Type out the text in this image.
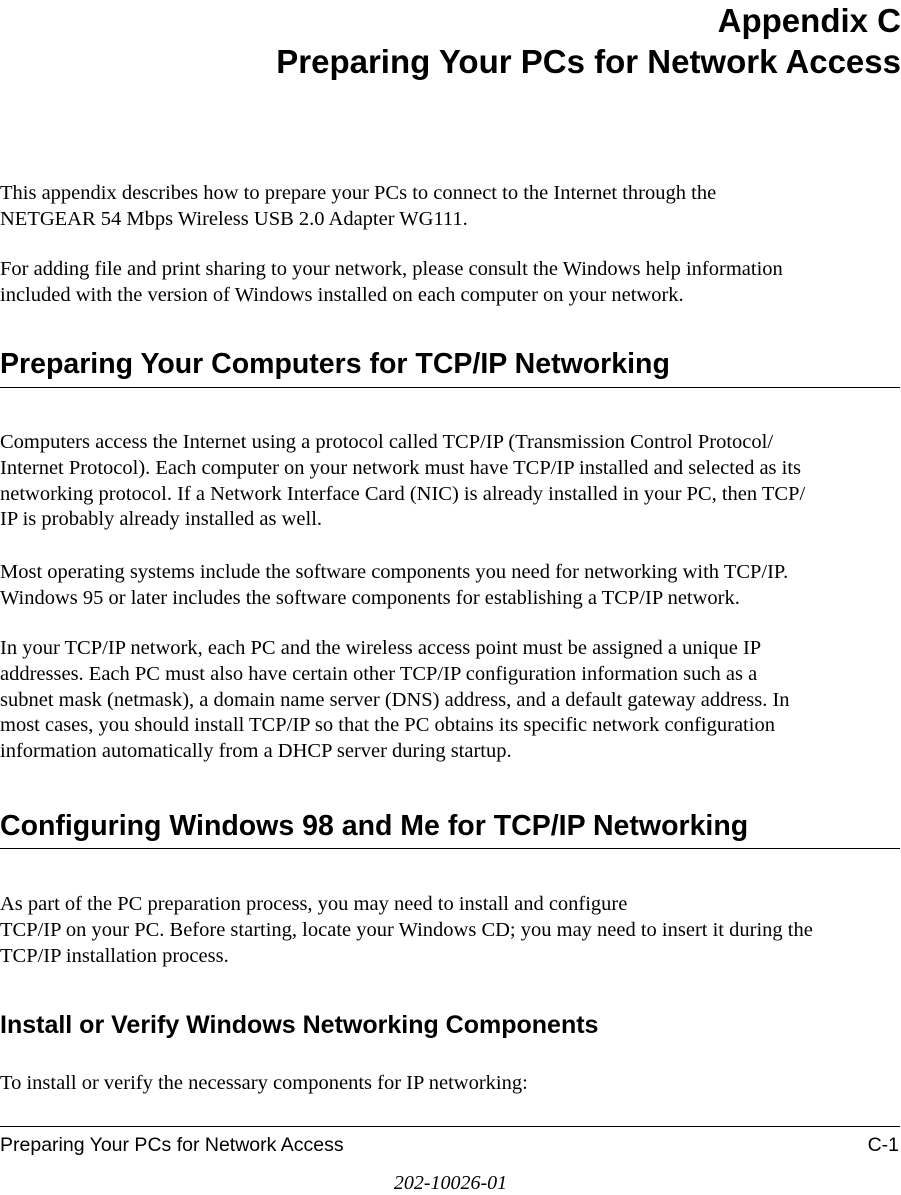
Appendix C
Preparing Your PCs for Network Access

This appendix describes how to prepare your PCs to connect to the Internet through the
NETGEAR 54 Mbps Wireless USB 2.0 Adapter WG111.

For adding file and print sharing to your network, please consult the Windows help information
included with the version of Windows installed on each computer on your network.

Preparing Your Computers for TCP/IP Networking

Computers access the Internet using a protocol called TCP/IP (Transmission Control Protocol/
Internet Protocol). Each computer on your network must have TCP/IP installed and selected as its
networking protocol. If a Network Interface Card (NIC) is already installed in your PC, then TCP/
IP is probably already installed as well.

Most operating systems include the software components you need for networking with TCP/IP.
Windows 95 or later includes the software components for establishing a TCP/IP network.

In your TCP/IP network, each PC and the wireless access point must be assigned a unique IP
addresses. Each PC must also have certain other TCP/IP configuration information such as a
subnet mask (netmask), a domain name server (DNS) address, and a default gateway address. In
most cases, you should install TCP/IP so that the PC obtains its specific network configuration
information automatically from a DHCP server during startup.

Configuring Windows 98 and Me for TCP/IP Networking

As part of the PC preparation process, you may need to install and configure
TCP/IP on your PC. Before starting, locate your Windows CD; you may need to insert it during the
TCP/IP installation process.

Install or Verify Windows Networking Components

To install or verify the necessary components for IP networking:

Preparing Your PCs for Network Access	C-1
202-10026-01
